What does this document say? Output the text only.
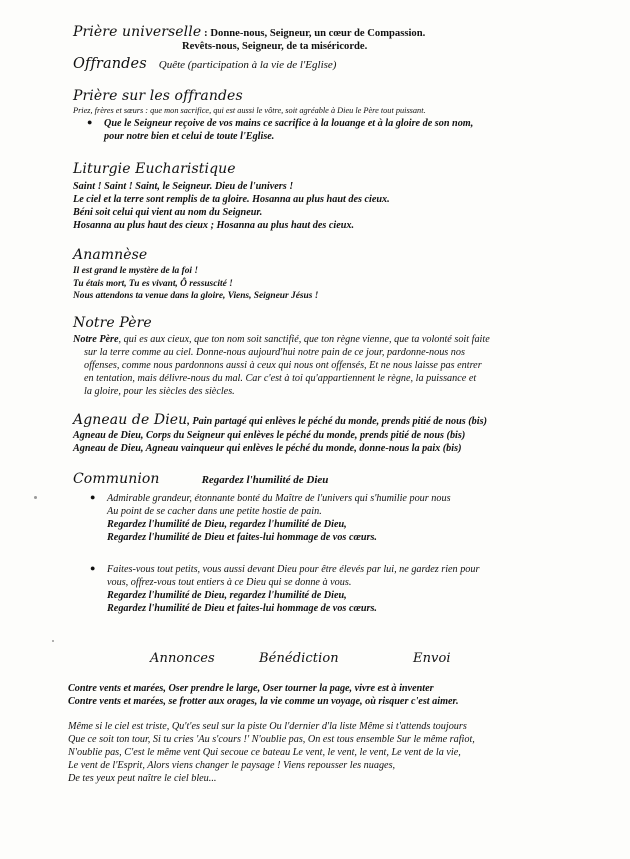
Prière universelle : Donne-nous, Seigneur, un cœur de Compassion.
Revêts-nous, Seigneur, de ta miséricorde.
Offrandes Quête (participation à la vie de l'Eglise)
Prière sur les offrandes
Priez, frères et sœurs : que mon sacrifice, qui est aussi le vôtre, soit agréable à Dieu le Père tout puissant.
● Que le Seigneur reçoive de vos mains ce sacrifice à la louange et à la gloire de son nom,
pour notre bien et celui de toute l'Eglise.
Liturgie Eucharistique
Saint ! Saint ! Saint, le Seigneur. Dieu de l'univers !
Le ciel et la terre sont remplis de ta gloire. Hosanna au plus haut des cieux.
Béni soit celui qui vient au nom du Seigneur.
Hosanna au plus haut des cieux ; Hosanna au plus haut des cieux.
Anamnèse
Il est grand le mystère de la foi !
Tu étais mort, Tu es vivant, Ô ressuscité !
Nous attendons ta venue dans la gloire, Viens, Seigneur Jésus !
Notre Père
Notre Père, qui es aux cieux, que ton nom soit sanctifié, que ton règne vienne, que ta volonté soit faite
sur la terre comme au ciel. Donne-nous aujourd'hui notre pain de ce jour, pardonne-nous nos
offenses, comme nous pardonnons aussi à ceux qui nous ont offensés, Et ne nous laisse pas entrer
en tentation, mais délivre-nous du mal. Car c'est à toi qu'appartiennent le règne, la puissance et
la gloire, pour les siècles des siècles.
Agneau de Dieu, Pain partagé qui enlèves le péché du monde, prends pitié de nous (bis)
Agneau de Dieu, Corps du Seigneur qui enlèves le péché du monde, prends pitié de nous (bis)
Agneau de Dieu, Agneau vainqueur qui enlèves le péché du monde, donne-nous la paix (bis)
Communion	Regardez l'humilité de Dieu
● Admirable grandeur, étonnante bonté du Maître de l'univers qui s'humilie pour nous
Au point de se cacher dans une petite hostie de pain.
Regardez l'humilité de Dieu, regardez l'humilité de Dieu,
Regardez l'humilité de Dieu et faites-lui hommage de vos cœurs.
● Faites-vous tout petits, vous aussi devant Dieu pour être élevés par lui, ne gardez rien pour
vous, offrez-vous tout entiers à ce Dieu qui se donne à vous.
Regardez l'humilité de Dieu, regardez l'humilité de Dieu,
Regardez l'humilité de Dieu et faites-lui hommage de vos cœurs.
Annonces	Bénédiction	Envoi
Contre vents et marées, Oser prendre le large, Oser tourner la page, vivre est à inventer
Contre vents et marées, se frotter aux orages, la vie comme un voyage, où risquer c'est aimer.
Même si le ciel est triste, Qu't'es seul sur la piste Ou l'dernier d'la liste Même si t'attends toujours
Que ce soit ton tour, Si tu cries 'Au s'cours !' N'oublie pas, On est tous ensemble Sur le même rafiot,
N'oublie pas, C'est le même vent Qui secoue ce bateau Le vent, le vent, le vent, Le vent de la vie,
Le vent de l'Esprit, Alors viens changer le paysage ! Viens repousser les nuages,
De tes yeux peut naître le ciel bleu...
